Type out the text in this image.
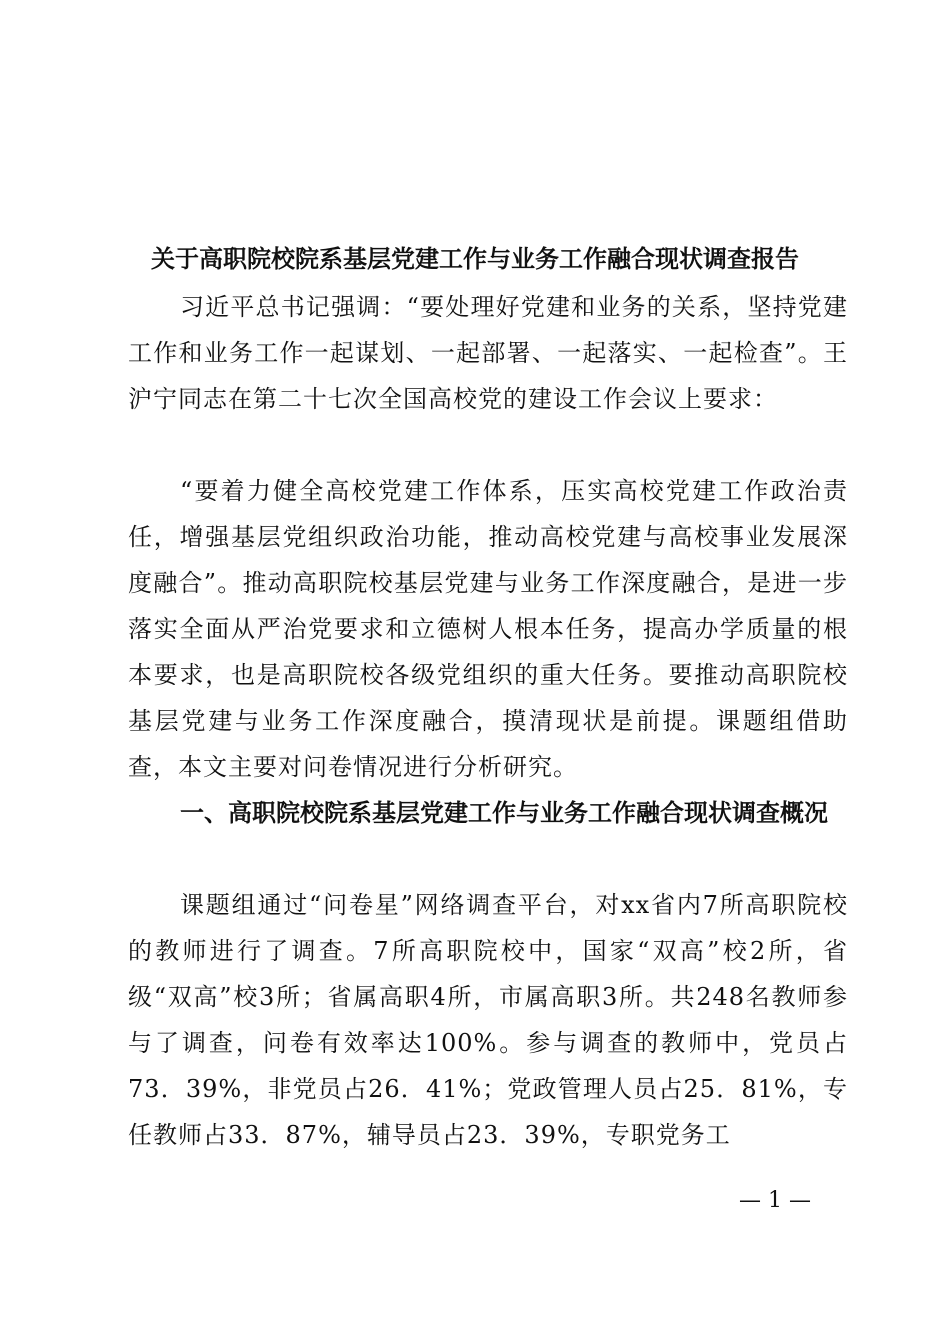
关于高职院校院系基层党建工作与业务工作融合现状调查报告
习近平总书记强调：“要处理好党建和业务的关系，坚持党建工作和业务工作一起谋划、一起部署、一起落实、一起检查”。王沪宁同志在第二十七次全国高校党的建设工作会议上要求：
“要着力健全高校党建工作体系，压实高校党建工作政治责任，增强基层党组织政治功能，推动高校党建与高校事业发展深度融合”。推动高职院校基层党建与业务工作深度融合，是进一步落实全面从严治党要求和立德树人根本任务，提高办学质量的根本要求，也是高职院校各级党组织的重大任务。要推动高职院校基层党建与业务工作深度融合，摸清现状是前提。课题组借助查，本文主要对问卷情况进行分析研究。
一、高职院校院系基层党建工作与业务工作融合现状调查概况
课题组通过“问卷星”网络调查平台，对xx省内7所高职院校的教师进行了调查。7所高职院校中，国家“双高”校2所，省级“双高”校3所；省属高职4所，市属高职3所。共248名教师参与了调查，问卷有效率达100%。参与调查的教师中，党员占73．39%，非党员占26．41%；党政管理人员占25．81%，专任教师占33．87%，辅导员占23．39%，专职党务工
— 1 —
